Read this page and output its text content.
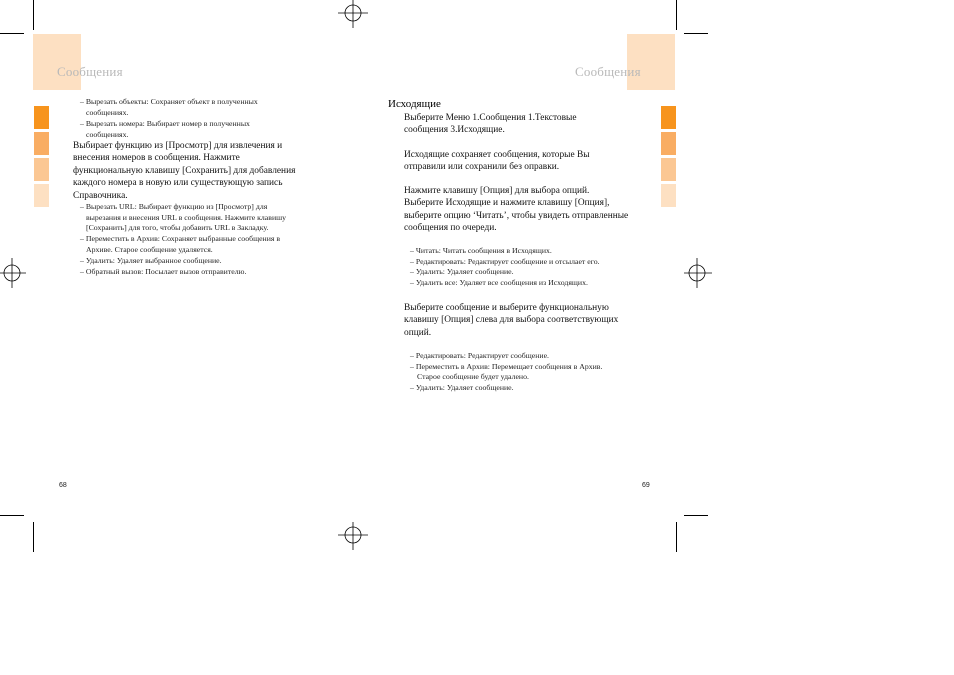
Сообщения	Сообщения
– Вырезать объекты: Сохраняет объект в полученных
сообщениях.
– Вырезать номера: Выбирает номер в полученных
сообщениях.
Выбирает функцию из [Просмотр] для извлечения и
внесения номеров в сообщения. Нажмите
функциональную клавишу [Сохранить] для добавления
каждого номера в новую или существующую запись
Справочника.
– Вырезать URL: Выбирает функцию из [Просмотр] для
вырезания и внесения URL в сообщения. Нажмите клавишу
[Сохранить] для того, чтобы добавить URL в Закладку.
– Переместить в Архив: Сохраняет выбранные сообщения в
Архиве. Старое сообщение удаляется.
– Удалить: Удаляет выбранное сообщение.
– Обратный вызов: Посылает вызов отправителю.
68
Исходящие
Выберите Меню 1.Сообщения 1.Текстовые
сообщения 3.Исходящие.
Исходящие сохраняет сообщения, которые Вы
отправили или сохранили без оправки.
Нажмите клавишу [Опция] для выбора опций.
Выберите Исходящие и нажмите клавишу [Опция],
выберите опцию ‘Читать’, чтобы увидеть отправленные
сообщения по очереди.
– Читать: Читать сообщения в Исходящих.
– Редактировать: Редактирует сообщение и отсылает его.
– Удалить: Удаляет сообщение.
– Удалить все: Удаляет все сообщения из Исходящих.
Выберите сообщение и выберите функциональную
клавишу [Опция] слева для выбора соответствующих
опций.
– Редактировать: Редактирует сообщение.
– Переместить в Архив: Перемещает сообщения в Архив.
Старое сообщение будет удалено.
– Удалить: Удаляет сообщение.
69
